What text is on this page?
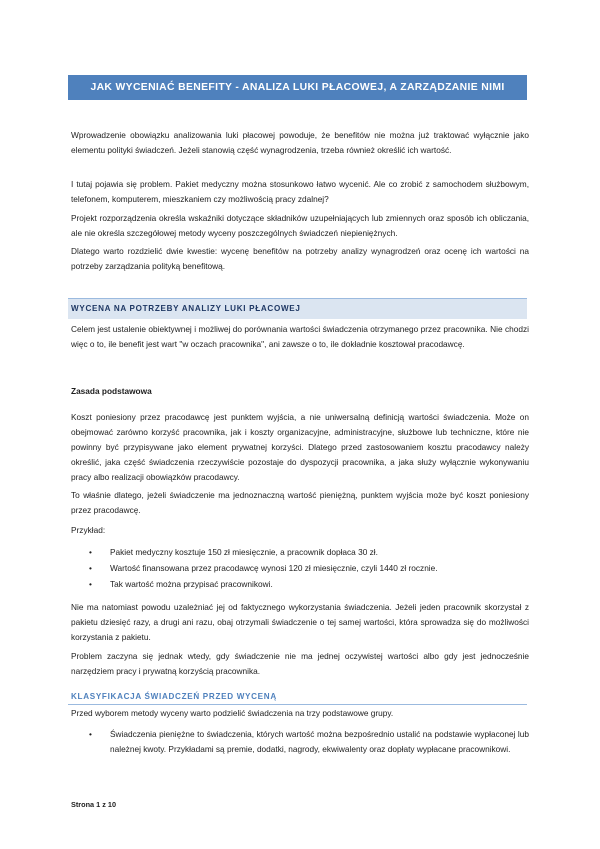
JAK WYCENIAĆ BENEFITY - ANALIZA LUKI PŁACOWEJ, A ZARZĄDZANIE NIMI

Wprowadzenie obowiązku analizowania luki płacowej powoduje, że benefitów nie można już traktować wyłącznie jako elementu polityki świadczeń. Jeżeli stanowią część wynagrodzenia, trzeba również określić ich wartość.

I tutaj pojawia się problem. Pakiet medyczny można stosunkowo łatwo wycenić. Ale co zrobić z samochodem służbowym, telefonem, komputerem, mieszkaniem czy możliwością pracy zdalnej?

Projekt rozporządzenia określa wskaźniki dotyczące składników uzupełniających lub zmiennych oraz sposób ich obliczania, ale nie określa szczegółowej metody wyceny poszczególnych świadczeń niepieniężnych.

Dlatego warto rozdzielić dwie kwestie: wycenę benefitów na potrzeby analizy wynagrodzeń oraz ocenę ich wartości na potrzeby zarządzania polityką benefitową.

WYCENA NA POTRZEBY ANALIZY LUKI PŁACOWEJ

Celem jest ustalenie obiektywnej i możliwej do porównania wartości świadczenia otrzymanego przez pracownika. Nie chodzi więc o to, ile benefit jest wart "w oczach pracownika", ani zawsze o to, ile dokładnie kosztował pracodawcę.

Zasada podstawowa

Koszt poniesiony przez pracodawcę jest punktem wyjścia, a nie uniwersalną definicją wartości świadczenia. Może on obejmować zarówno korzyść pracownika, jak i koszty organizacyjne, administracyjne, służbowe lub techniczne, które nie powinny być przypisywane jako element prywatnej korzyści. Dlatego przed zastosowaniem kosztu pracodawcy należy określić, jaka część świadczenia rzeczywiście pozostaje do dyspozycji pracownika, a jaka służy wyłącznie wykonywaniu pracy albo realizacji obowiązków pracodawcy.

To właśnie dlatego, jeżeli świadczenie ma jednoznaczną wartość pieniężną, punktem wyjścia może być koszt poniesiony przez pracodawcę.

Przykład:
• Pakiet medyczny kosztuje 150 zł miesięcznie, a pracownik dopłaca 30 zł.
• Wartość finansowana przez pracodawcę wynosi 120 zł miesięcznie, czyli 1440 zł rocznie.
• Tak wartość można przypisać pracownikowi.

Nie ma natomiast powodu uzależniać jej od faktycznego wykorzystania świadczenia. Jeżeli jeden pracownik skorzystał z pakietu dziesięć razy, a drugi ani razu, obaj otrzymali świadczenie o tej samej wartości, która sprowadza się do możliwości korzystania z pakietu.

Problem zaczyna się jednak wtedy, gdy świadczenie nie ma jednej oczywistej wartości albo gdy jest jednocześnie narzędziem pracy i prywatną korzyścią pracownika.

KLASYFIKACJA ŚWIADCZEŃ PRZED WYCENĄ

Przed wyborem metody wyceny warto podzielić świadczenia na trzy podstawowe grupy.

• Świadczenia pieniężne to świadczenia, których wartość można bezpośrednio ustalić na podstawie wypłaconej lub należnej kwoty. Przykładami są premie, dodatki, nagrody, ekwiwalenty oraz dopłaty wypłacane pracownikowi.
Strona 1 z 10
